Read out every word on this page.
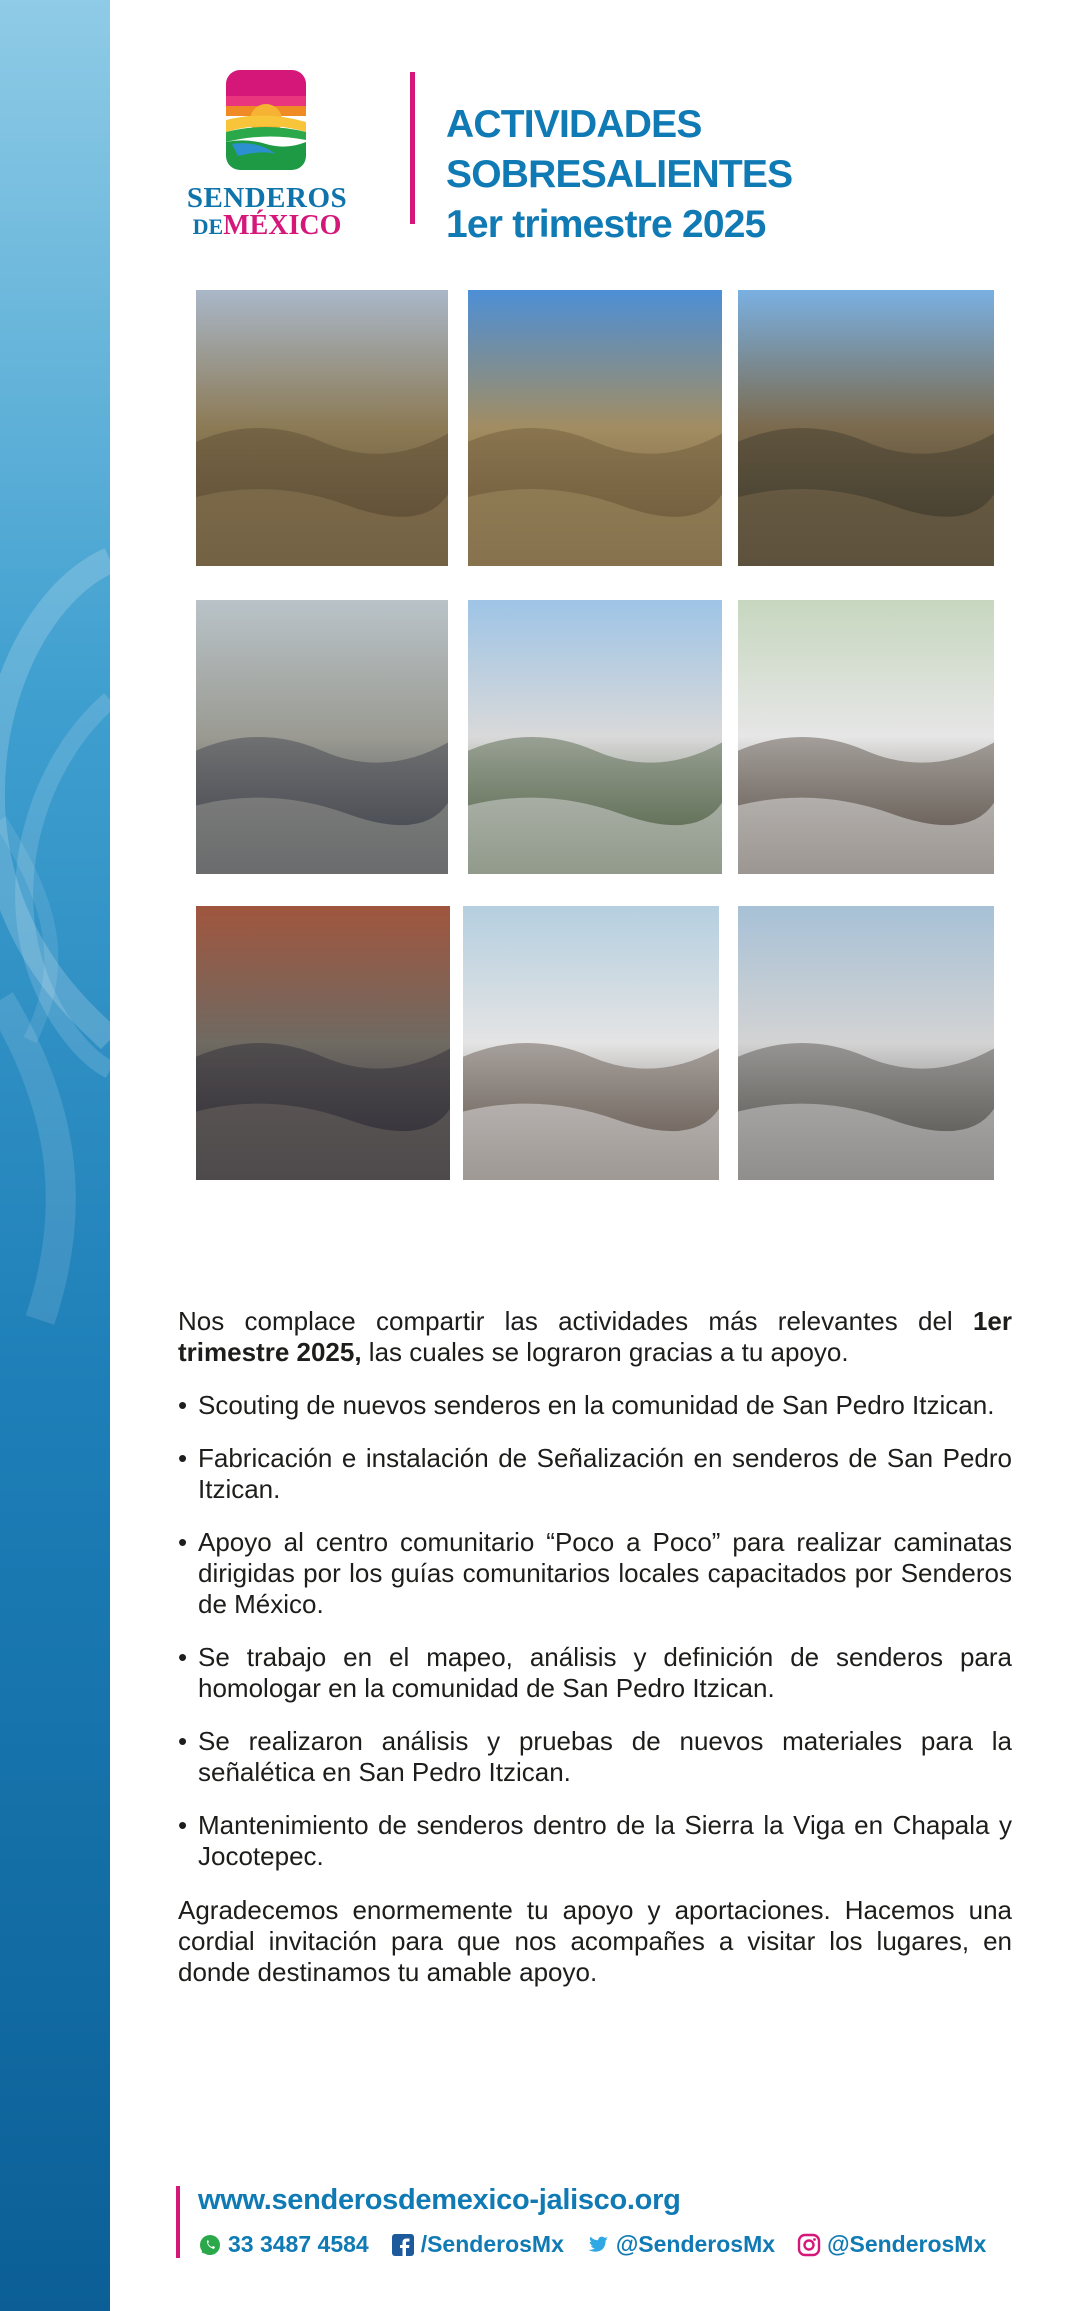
SENDEROS
DEMÉXICO
ACTIVIDADES SOBRESALIENTES
1er trimestre 2025
Nos complace compartir las actividades más relevantes del 1er trimestre 2025, las cuales se lograron gracias a tu apoyo.
• Scouting de nuevos senderos en la comunidad de San Pedro Itzican.
• Fabricación e instalación de Señalización en senderos de San Pedro Itzican.
• Apoyo al centro comunitario “Poco a Poco” para realizar caminatas dirigidas por los guías comunitarios locales capacitados por Senderos de México.
• Se trabajo en el mapeo, análisis y definición de senderos para homologar en la comunidad de San Pedro Itzican.
• Se realizaron análisis y pruebas de nuevos materiales para la señalética en San Pedro Itzican.
• Mantenimiento de senderos dentro de la Sierra la Viga en Chapala y Jocotepec.
Agradecemos enormemente tu apoyo y aportaciones. Hacemos una cordial invitación para que nos acompañes a visitar los lugares, en donde destinamos tu amable apoyo.
www.senderosdemexico-jalisco.org
33 3487 4584 /SenderosMx @SenderosMx @SenderosMx
